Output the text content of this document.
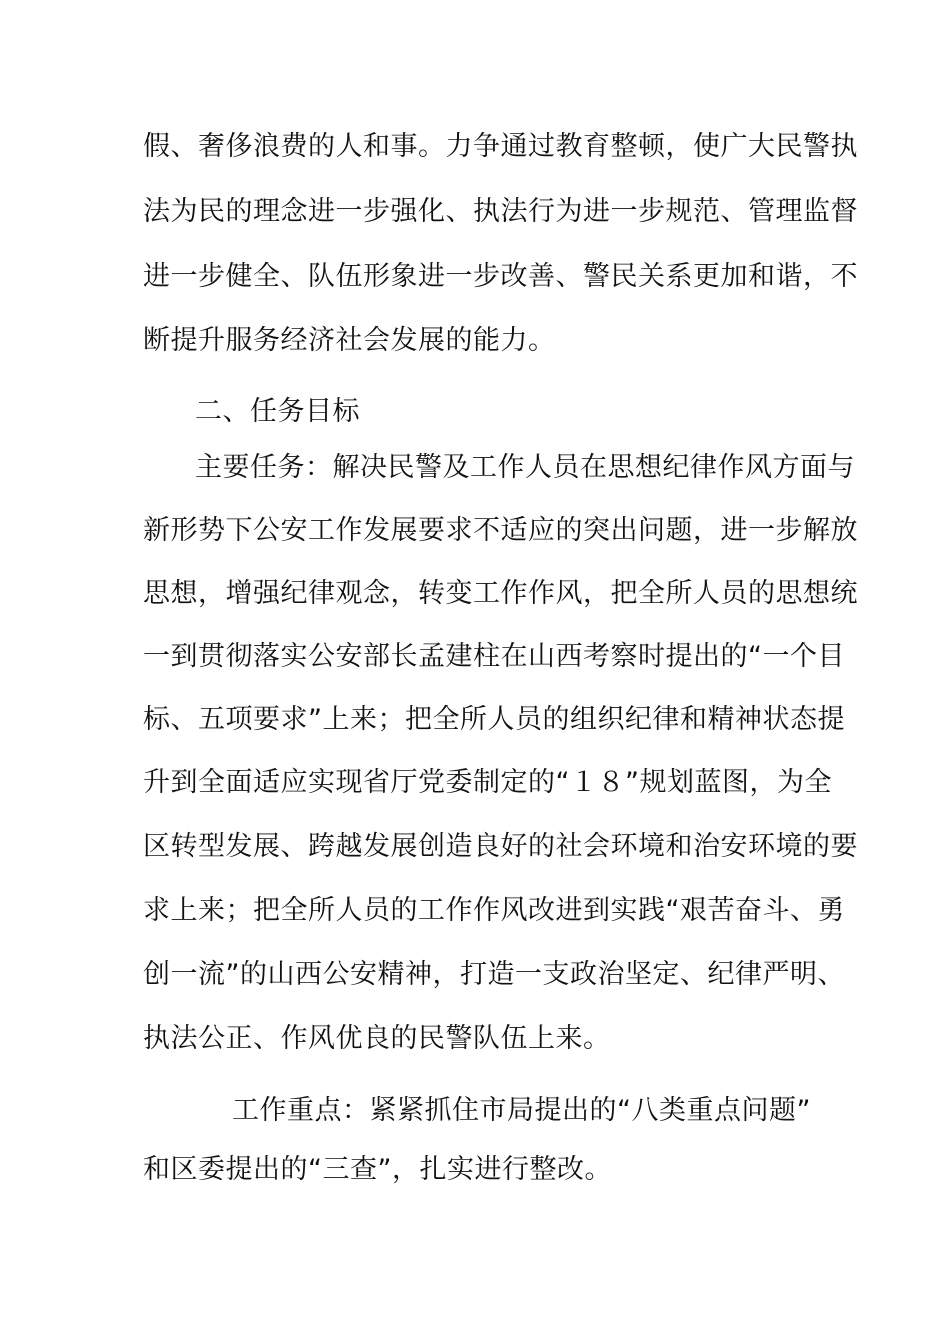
假、奢侈浪费的人和事。力争通过教育整顿，使广大民警执
法为民的理念进一步强化、执法行为进一步规范、管理监督
进一步健全、队伍形象进一步改善、警民关系更加和谐，不
断提升服务经济社会发展的能力。
二、任务目标
主要任务：解决民警及工作人员在思想纪律作风方面与
新形势下公安工作发展要求不适应的突出问题，进一步解放
思想，增强纪律观念，转变工作作风，把全所人员的思想统
一到贯彻落实公安部长孟建柱在山西考察时提出的“一个目
标、五项要求”上来；把全所人员的组织纪律和精神状态提
升到全面适应实现省厅党委制定的“１８”规划蓝图，为全
区转型发展、跨越发展创造良好的社会环境和治安环境的要
求上来；把全所人员的工作作风改进到实践“艰苦奋斗、勇
创一流”的山西公安精神，打造一支政治坚定、纪律严明、
执法公正、作风优良的民警队伍上来。
工作重点：紧紧抓住市局提出的“八类重点问题”
和区委提出的“三查”，扎实进行整改。
